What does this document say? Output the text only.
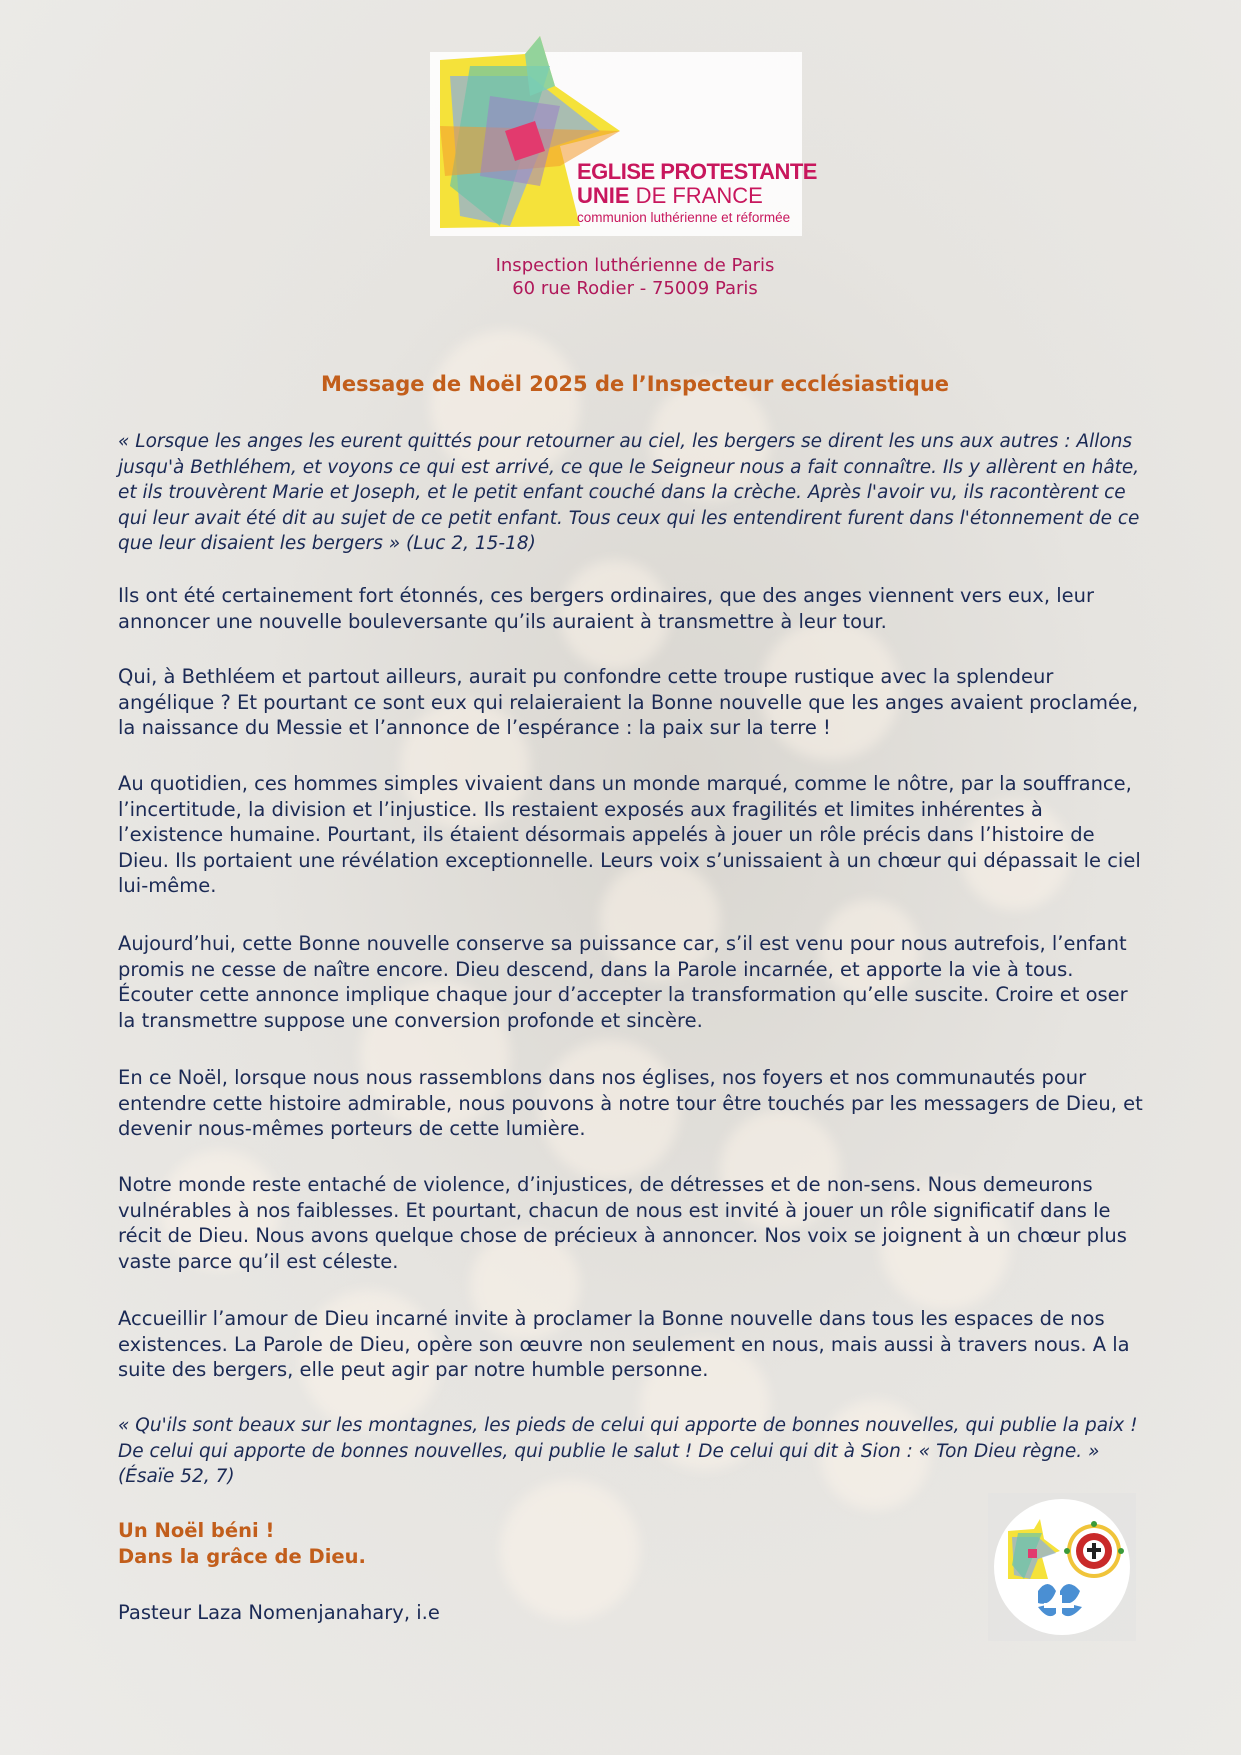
EGLISE PROTESTANTE
UNIE DE FRANCE
communion luthérienne et réformée
Inspection luthérienne de Paris
60 rue Rodier - 75009 Paris
Message de Noël 2025 de l’Inspecteur ecclésiastique
« Lorsque les anges les eurent quittés pour retourner au ciel, les bergers se dirent les uns aux autres : Allons jusqu'à Bethléhem, et voyons ce qui est arrivé, ce que le Seigneur nous a fait connaître. Ils y allèrent en hâte, et ils trouvèrent Marie et Joseph, et le petit enfant couché dans la crèche. Après l'avoir vu, ils racontèrent ce qui leur avait été dit au sujet de ce petit enfant. Tous ceux qui les entendirent furent dans l'étonnement de ce que leur disaient les bergers » (Luc 2, 15-18)
Ils ont été certainement fort étonnés, ces bergers ordinaires, que des anges viennent vers eux, leur annoncer une nouvelle bouleversante qu’ils auraient à transmettre à leur tour.
Qui, à Bethléem et partout ailleurs, aurait pu confondre cette troupe rustique avec la splendeur angélique ? Et pourtant ce sont eux qui relaieraient la Bonne nouvelle que les anges avaient proclamée, la naissance du Messie et l’annonce de l’espérance : la paix sur la terre !
Au quotidien, ces hommes simples vivaient dans un monde marqué, comme le nôtre, par la souffrance, l’incertitude, la division et l’injustice. Ils restaient exposés aux fragilités et limites inhérentes à l’existence humaine. Pourtant, ils étaient désormais appelés à jouer un rôle précis dans l’histoire de Dieu. Ils portaient une révélation exceptionnelle. Leurs voix s’unissaient à un chœur qui dépassait le ciel lui-même.
Aujourd’hui, cette Bonne nouvelle conserve sa puissance car, s’il est venu pour nous autrefois, l’enfant promis ne cesse de naître encore. Dieu descend, dans la Parole incarnée, et apporte la vie à tous. Écouter cette annonce implique chaque jour d’accepter la transformation qu’elle suscite. Croire et oser la transmettre suppose une conversion profonde et sincère.
En ce Noël, lorsque nous nous rassemblons dans nos églises, nos foyers et nos communautés pour entendre cette histoire admirable, nous pouvons à notre tour être touchés par les messagers de Dieu, et devenir nous-mêmes porteurs de cette lumière.
Notre monde reste entaché de violence, d’injustices, de détresses et de non-sens. Nous demeurons vulnérables à nos faiblesses. Et pourtant, chacun de nous est invité à jouer un rôle significatif dans le récit de Dieu. Nous avons quelque chose de précieux à annoncer. Nos voix se joignent à un chœur plus vaste parce qu’il est céleste.
Accueillir l’amour de Dieu incarné invite à proclamer la Bonne nouvelle dans tous les espaces de nos existences. La Parole de Dieu, opère son œuvre non seulement en nous, mais aussi à travers nous. A la suite des bergers, elle peut agir par notre humble personne.
« Qu'ils sont beaux sur les montagnes, les pieds de celui qui apporte de bonnes nouvelles, qui publie la paix ! De celui qui apporte de bonnes nouvelles, qui publie le salut ! De celui qui dit à Sion : « Ton Dieu règne. » (Ésaïe 52, 7)
Un Noël béni !
Dans la grâce de Dieu.
Pasteur Laza Nomenjanahary, i.e
